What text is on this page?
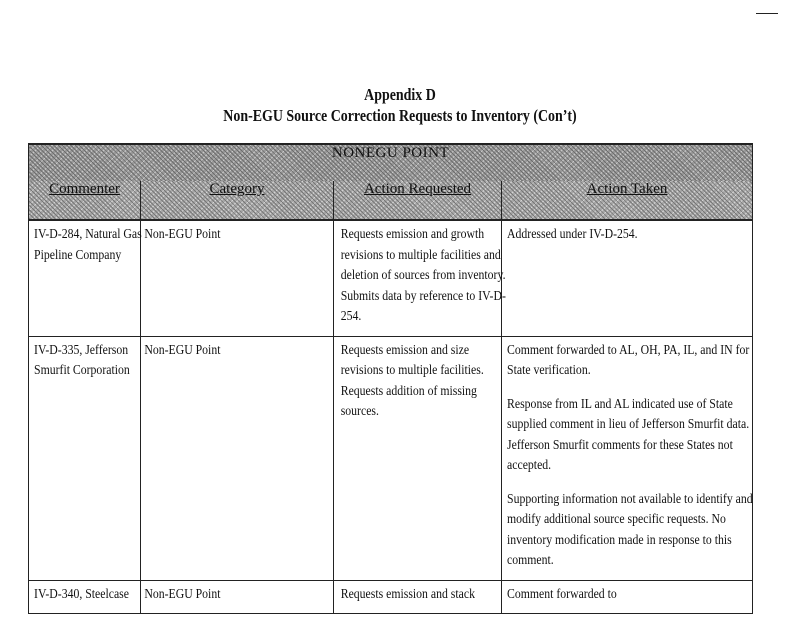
Appendix D
Non-EGU Source Correction Requests to Inventory (Con’t)
NONEGU POINT			
Commenter	Category	Action Requested	Action Taken

IV-D-284, Natural Gas Pipeline Company	Non-EGU Point	Requests emission and growth revisions to multiple facilities and deletion of sources from inventory. Submits data by reference to IV-D-254.	Addressed under IV-D-254.

IV-D-335, Jefferson Smurfit Corporation	Non-EGU Point	Requests emission and size revisions to multiple facilities. Requests addition of missing sources.	Comment forwarded to AL, OH, PA, IL, and IN for State verification.
Response from IL and AL indicated use of State supplied comment in lieu of Jefferson Smurfit data. Jefferson Smurfit comments for these States not accepted.
Supporting information not available to identify and modify additional source specific requests. No inventory modification made in response to this comment.

IV-D-340, Steelcase	Non-EGU Point	Requests emission and stack	Comment forwarded to
